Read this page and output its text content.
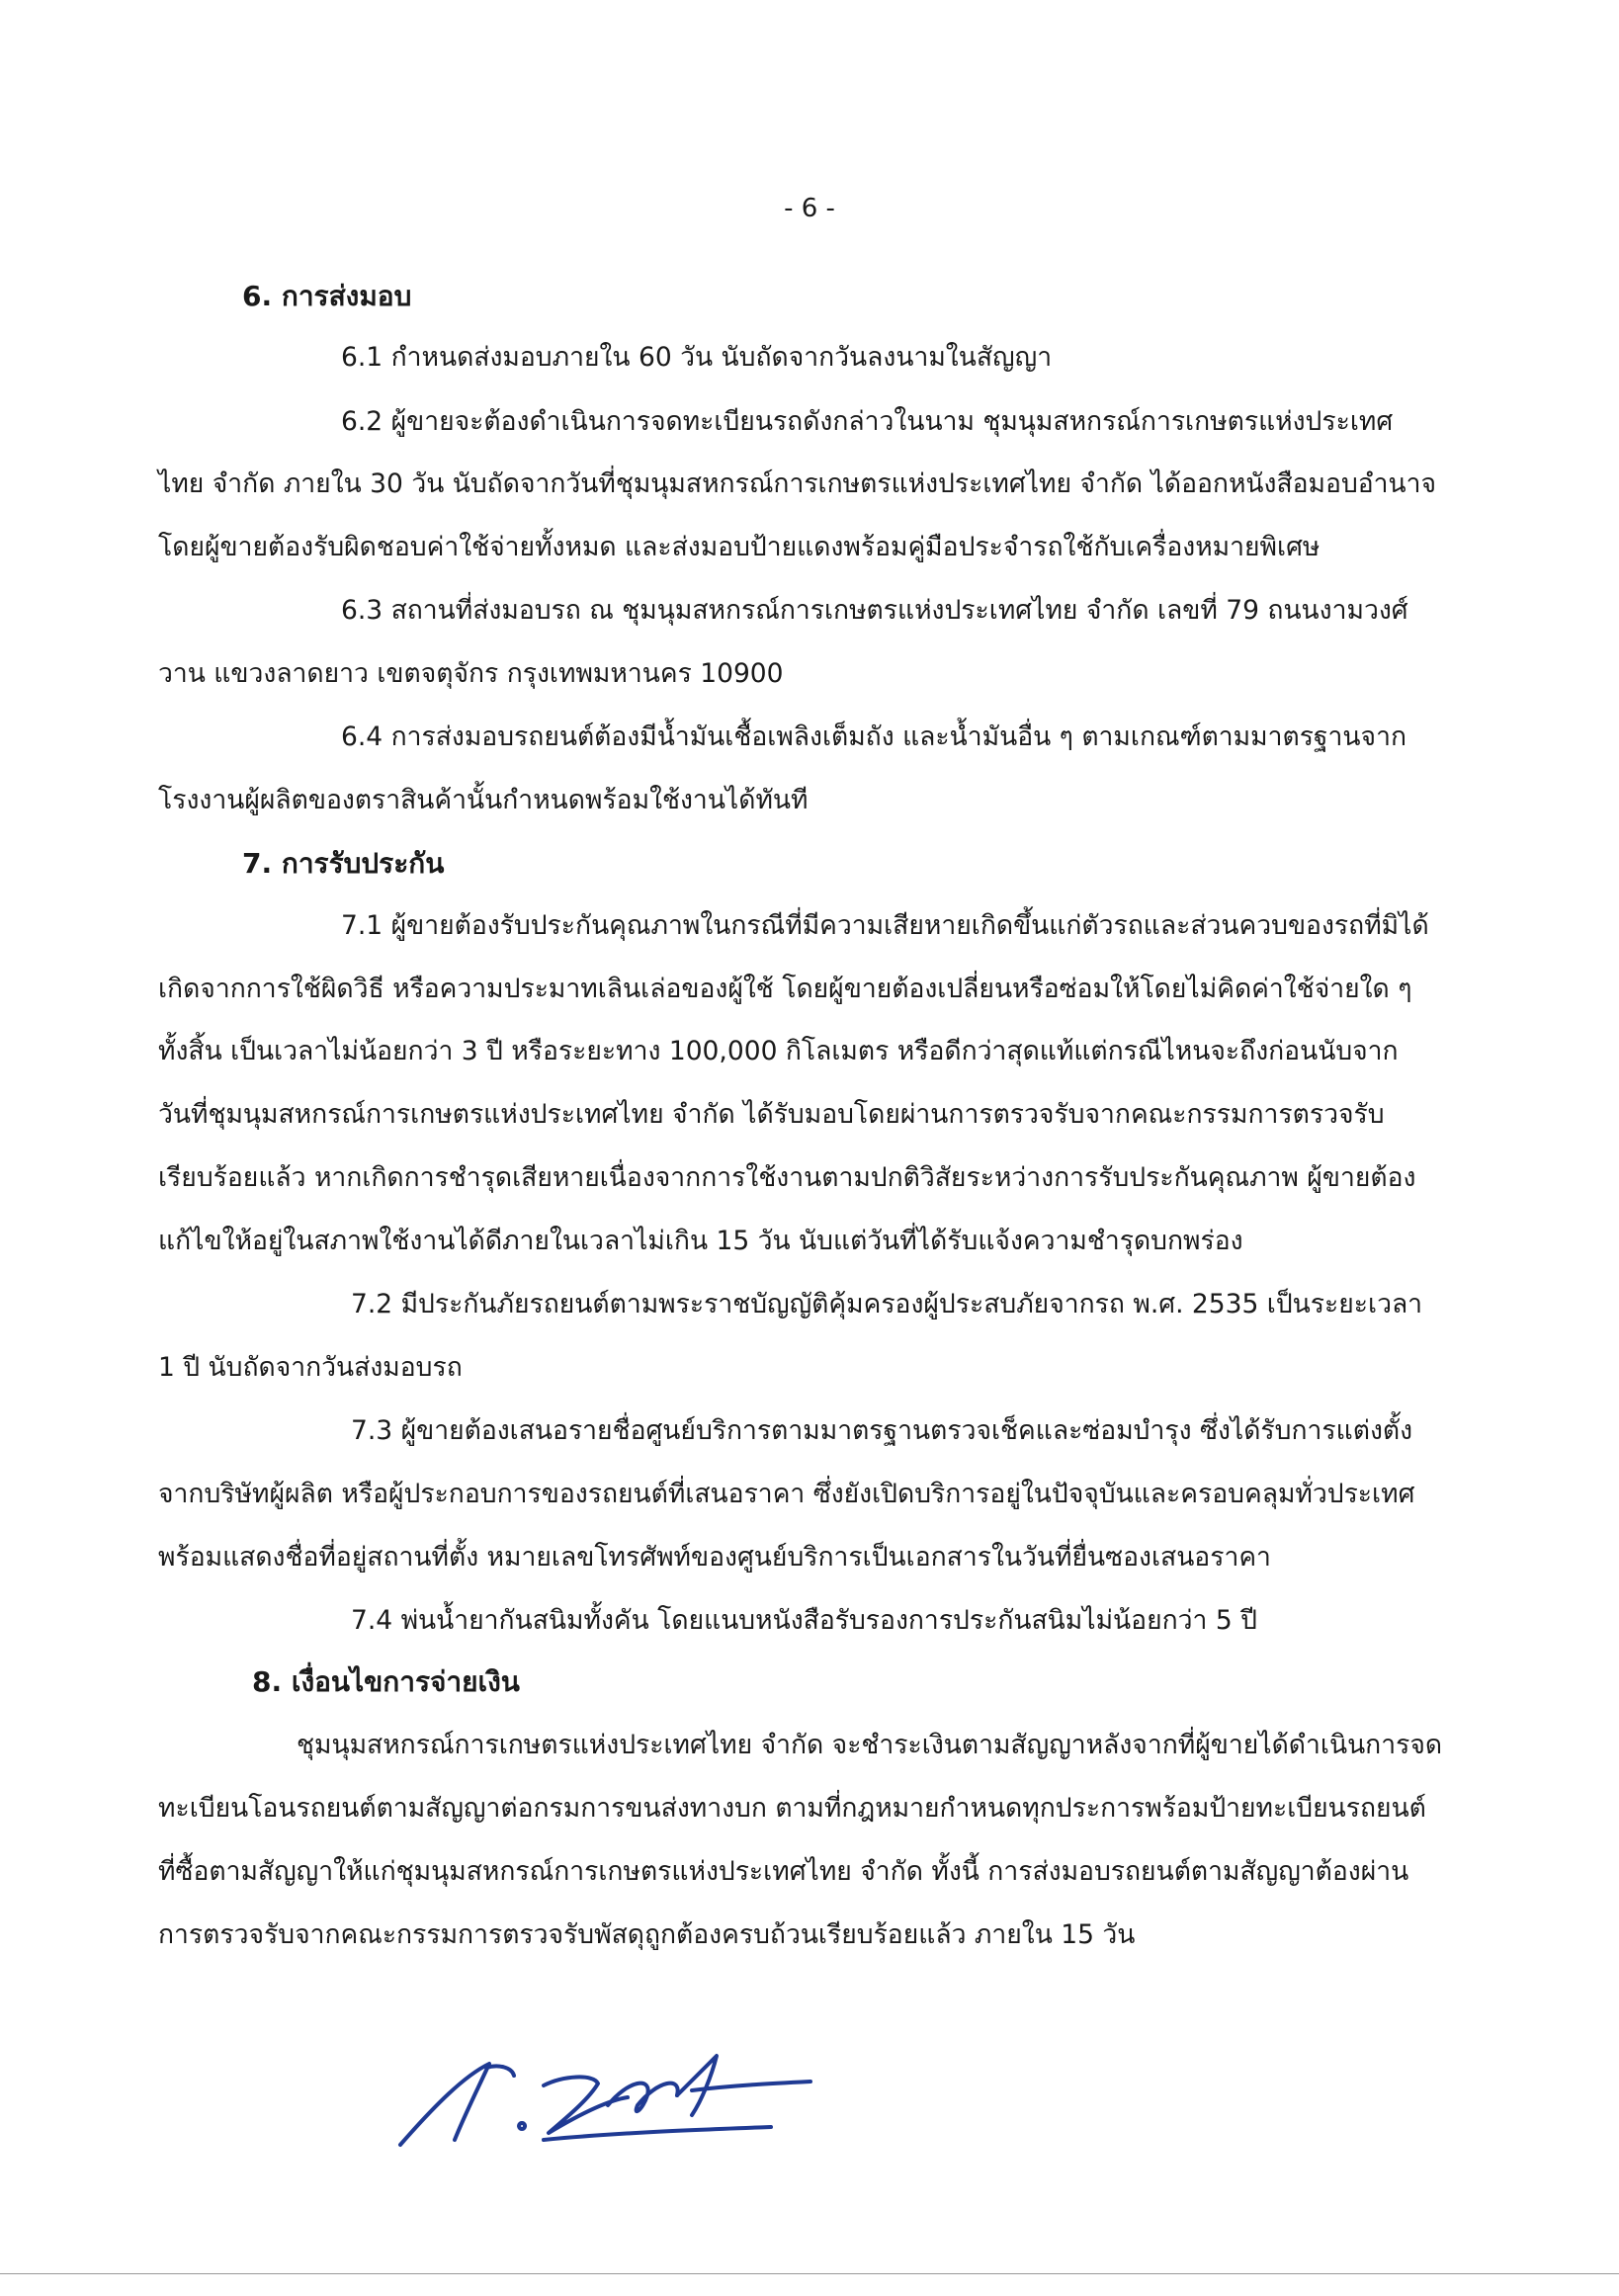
- 6 -
6. การส่งมอบ
6.1 กำหนดส่งมอบภายใน 60 วัน นับถัดจากวันลงนามในสัญญา
6.2 ผู้ขายจะต้องดำเนินการจดทะเบียนรถดังกล่าวในนาม ชุมนุมสหกรณ์การเกษตรแห่งประเทศ
ไทย จำกัด ภายใน 30 วัน นับถัดจากวันที่ชุมนุมสหกรณ์การเกษตรแห่งประเทศไทย จำกัด ได้ออกหนังสือมอบอำนาจ
โดยผู้ขายต้องรับผิดชอบค่าใช้จ่ายทั้งหมด และส่งมอบป้ายแดงพร้อมคู่มือประจำรถใช้กับเครื่องหมายพิเศษ
6.3 สถานที่ส่งมอบรถ ณ ชุมนุมสหกรณ์การเกษตรแห่งประเทศไทย จำกัด เลขที่ 79 ถนนงามวงศ์
วาน แขวงลาดยาว เขตจตุจักร กรุงเทพมหานคร 10900
6.4 การส่งมอบรถยนต์ต้องมีน้ำมันเชื้อเพลิงเต็มถัง และน้ำมันอื่น ๆ ตามเกณฑ์ตามมาตรฐานจาก
โรงงานผู้ผลิตของตราสินค้านั้นกำหนดพร้อมใช้งานได้ทันที
7. การรับประกัน
7.1 ผู้ขายต้องรับประกันคุณภาพในกรณีที่มีความเสียหายเกิดขึ้นแก่ตัวรถและส่วนควบของรถที่มิได้
เกิดจากการใช้ผิดวิธี หรือความประมาทเลินเล่อของผู้ใช้ โดยผู้ขายต้องเปลี่ยนหรือซ่อมให้โดยไม่คิดค่าใช้จ่ายใด ๆ
ทั้งสิ้น เป็นเวลาไม่น้อยกว่า 3 ปี หรือระยะทาง 100,000 กิโลเมตร หรือดีกว่าสุดแท้แต่กรณีไหนจะถึงก่อนนับจาก
วันที่ชุมนุมสหกรณ์การเกษตรแห่งประเทศไทย จำกัด ได้รับมอบโดยผ่านการตรวจรับจากคณะกรรมการตรวจรับ
เรียบร้อยแล้ว หากเกิดการชำรุดเสียหายเนื่องจากการใช้งานตามปกติวิสัยระหว่างการรับประกันคุณภาพ ผู้ขายต้อง
แก้ไขให้อยู่ในสภาพใช้งานได้ดีภายในเวลาไม่เกิน 15 วัน นับแต่วันที่ได้รับแจ้งความชำรุดบกพร่อง
7.2 มีประกันภัยรถยนต์ตามพระราชบัญญัติคุ้มครองผู้ประสบภัยจากรถ พ.ศ. 2535 เป็นระยะเวลา
1 ปี นับถัดจากวันส่งมอบรถ
7.3 ผู้ขายต้องเสนอรายชื่อศูนย์บริการตามมาตรฐานตรวจเช็คและซ่อมบำรุง ซึ่งได้รับการแต่งตั้ง
จากบริษัทผู้ผลิต หรือผู้ประกอบการของรถยนต์ที่เสนอราคา ซึ่งยังเปิดบริการอยู่ในปัจจุบันและครอบคลุมทั่วประเทศ
พร้อมแสดงชื่อที่อยู่สถานที่ตั้ง หมายเลขโทรศัพท์ของศูนย์บริการเป็นเอกสารในวันที่ยื่นซองเสนอราคา
7.4 พ่นน้ำยากันสนิมทั้งคัน โดยแนบหนังสือรับรองการประกันสนิมไม่น้อยกว่า 5 ปี
8. เงื่อนไขการจ่ายเงิน
ชุมนุมสหกรณ์การเกษตรแห่งประเทศไทย จำกัด จะชำระเงินตามสัญญาหลังจากที่ผู้ขายได้ดำเนินการจด
ทะเบียนโอนรถยนต์ตามสัญญาต่อกรมการขนส่งทางบก ตามที่กฎหมายกำหนดทุกประการพร้อมป้ายทะเบียนรถยนต์
ที่ซื้อตามสัญญาให้แก่ชุมนุมสหกรณ์การเกษตรแห่งประเทศไทย จำกัด ทั้งนี้ การส่งมอบรถยนต์ตามสัญญาต้องผ่าน
การตรวจรับจากคณะกรรมการตรวจรับพัสดุถูกต้องครบถ้วนเรียบร้อยแล้ว ภายใน 15 วัน
